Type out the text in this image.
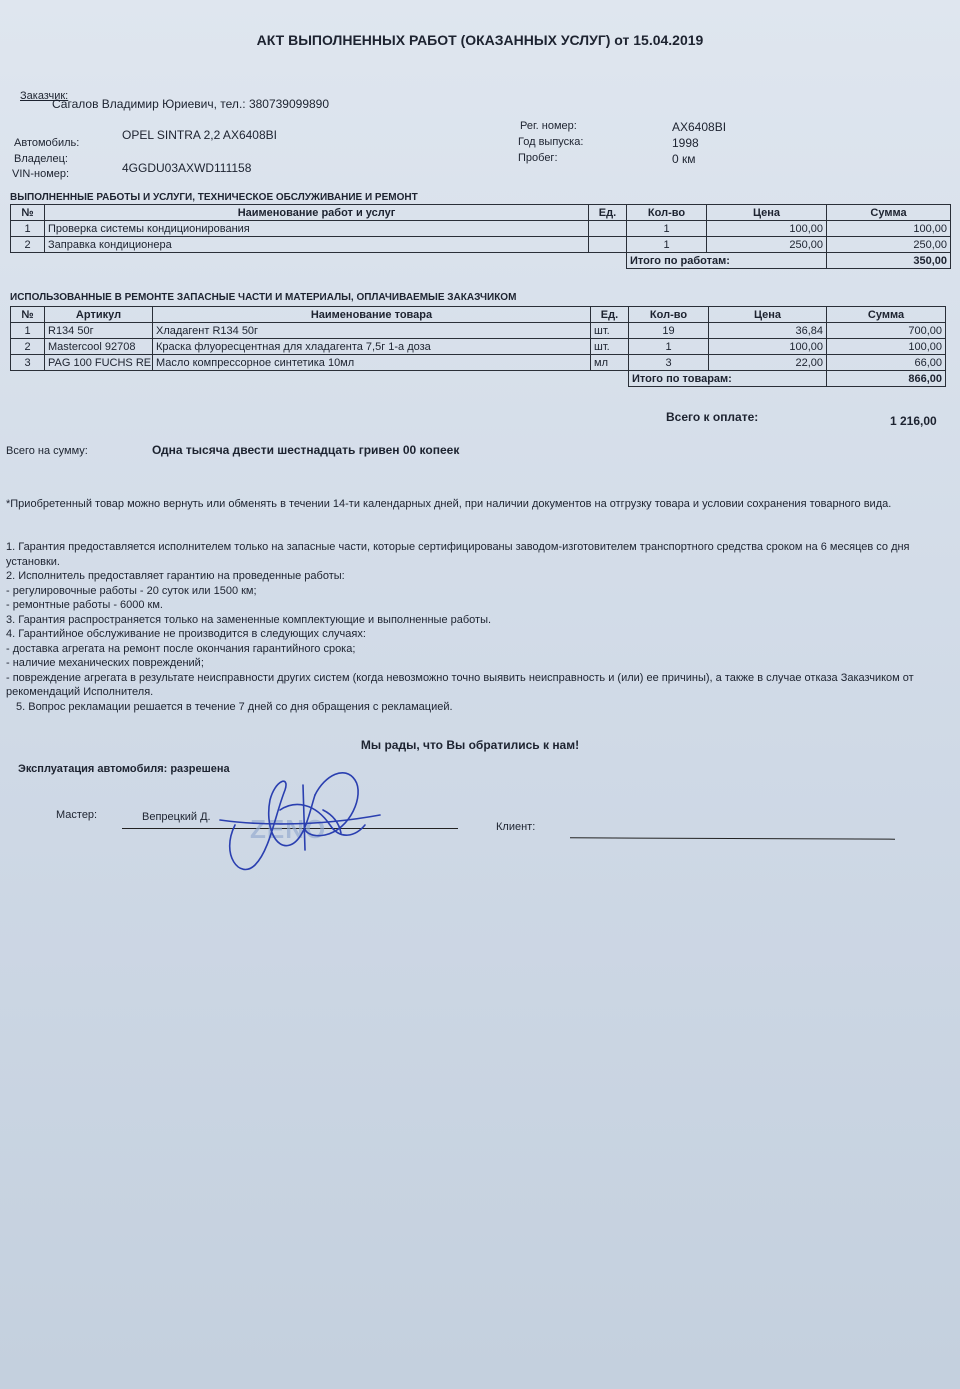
АКТ ВЫПОЛНЕННЫХ РАБОТ (ОКАЗАННЫХ УСЛУГ) от 15.04.2019
Заказчик:
Сагалов Владимир Юриевич, тел.: 380739099890
Автомобиль:
OPEL SINTRA 2,2 AX6408BI
Владелец:
VIN-номер:	4GGDU03AXWD111158
Рег. номер:	AX6408BI
Год выпуска:	1998
Пробег:	0 км
ВЫПОЛНЕННЫЕ РАБОТЫ И УСЛУГИ, ТЕХНИЧЕСКОЕ ОБСЛУЖИВАНИЕ И РЕМОНТ
№	Наименование работ и услуг	Ед.	Кол-во	Цена	Сумма
1	Проверка системы кондиционирования		1	100,00	100,00
2	Заправка кондиционера		1	250,00	250,00
			Итого по работам:		350,00
ИСПОЛЬЗОВАННЫЕ В РЕМОНТЕ ЗАПАСНЫЕ ЧАСТИ И МАТЕРИАЛЫ, ОПЛАЧИВАЕМЫЕ ЗАКАЗЧИКОМ
№	Артикул	Наименование товара	Ед.	Кол-во	Цена	Сумма
1	R134 50г	Хладагент R134 50г	шт.	19	36,84	700,00
2	Mastercool 92708	Краска флуоресцентная для хладагента 7,5г 1-а доза	шт.	1	100,00	100,00
3	PAG 100 FUCHS RE	Масло компрессорное синтетика 10мл	мл	3	22,00	66,00
				Итого по товарам:		866,00
Всего к оплате:	1 216,00
Всего на сумму:	Одна тысяча двести шестнадцать гривен 00 копеек
*Приобретенный товар можно вернуть или обменять в течении 14-ти календарных дней, при наличии документов на отгрузку товара и условии сохранения товарного вида.
1. Гарантия предоставляется исполнителем только на запасные части, которые сертифицированы заводом-изготовителем транспортного средства сроком на 6 месяцев со дня установки.
2. Исполнитель предоставляет гарантию на проведенные работы:
- регулировочные работы - 20 суток или 1500 км;
- ремонтные работы - 6000 км.
3. Гарантия распространяется только на замененные комплектующие и выполненные работы.
4. Гарантийное обслуживание не производится в следующих случаях:
- доставка агрегата на ремонт после окончания гарантийного срока;
- наличие механических повреждений;
- повреждение агрегата в результате неисправности других систем (когда невозможно точно выявить неисправность и (или) ее причины), а также в случае отказа Заказчиком от рекомендаций Исполнителя.
5. Вопрос рекламации решается в течение 7 дней со дня обращения с рекламацией.
Мы рады, что Вы обратились к нам!
Эксплуатация автомобиля: разрешена
Мастер:	Вепрецкий Д.
Клиент:
ZENO
